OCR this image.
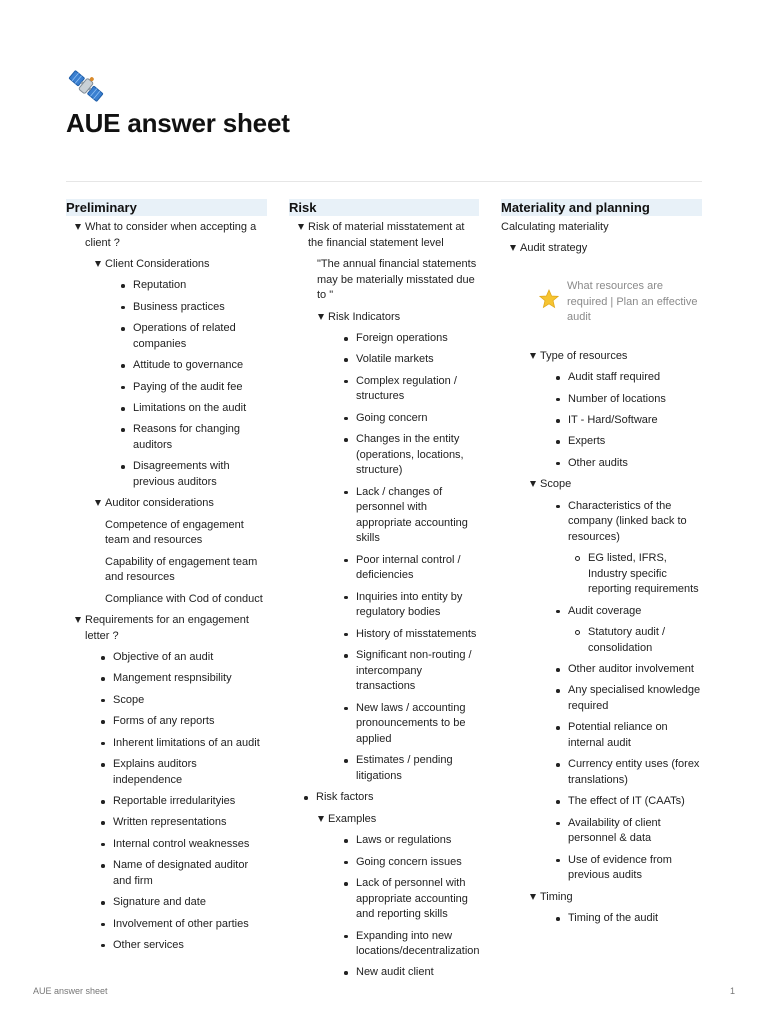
AUE answer sheet
Preliminary
What to consider when accepting a client ?
Client Considerations
Reputation
Business practices
Operations of related companies
Attitude to governance
Paying of the audit fee
Limitations on the audit
Reasons for changing auditors
Disagreements with previous auditors
Auditor considerations
Competence of engagement team and resources
Capability of engagement team and resources
Compliance with Cod of conduct
Requirements for an engagement letter ?
Objective of an audit
Mangement respnsibility
Scope
Forms of any reports
Inherent limitations of an audit
Explains auditors independence
Reportable irredularityies
Written representations
Internal control weaknesses
Name of designated auditor and firm
Signature and date
Involvement of other parties
Other services
Risk
Risk of material misstatement at the financial statement level
"The annual financial statements may be materially misstated due to "
Risk Indicators
Foreign operations
Volatile markets
Complex regulation / structures
Going concern
Changes in the entity (operations, locations, structure)
Lack / changes of personnel with appropriate accounting skills
Poor internal control / deficiencies
Inquiries into entity by regulatory bodies
History of misstatements
Significant non-routing / intercompany transactions
New laws / accounting pronouncements to be applied
Estimates / pending litigations
Risk factors
Examples
Laws or regulations
Going concern issues
Lack of personnel with appropriate accounting and reporting skills
Expanding into new locations/decentralization
New audit client
Materiality and planning
Calculating materiality
Audit strategy
What resources are required | Plan an effective audit
Type of resources
Audit staff required
Number of locations
IT - Hard/Software
Experts
Other audits
Scope
Characteristics of the company (linked back to resources)
EG listed, IFRS, Industry specific reporting requirements
Audit coverage
Statutory audit / consolidation
Other auditor involvement
Any specialised knowledge required
Potential reliance on internal audit
Currency entity uses (forex translations)
The effect of IT (CAATs)
Availability of client personnel & data
Use of evidence from previous audits
Timing
Timing of the audit
AUE answer sheet	1
